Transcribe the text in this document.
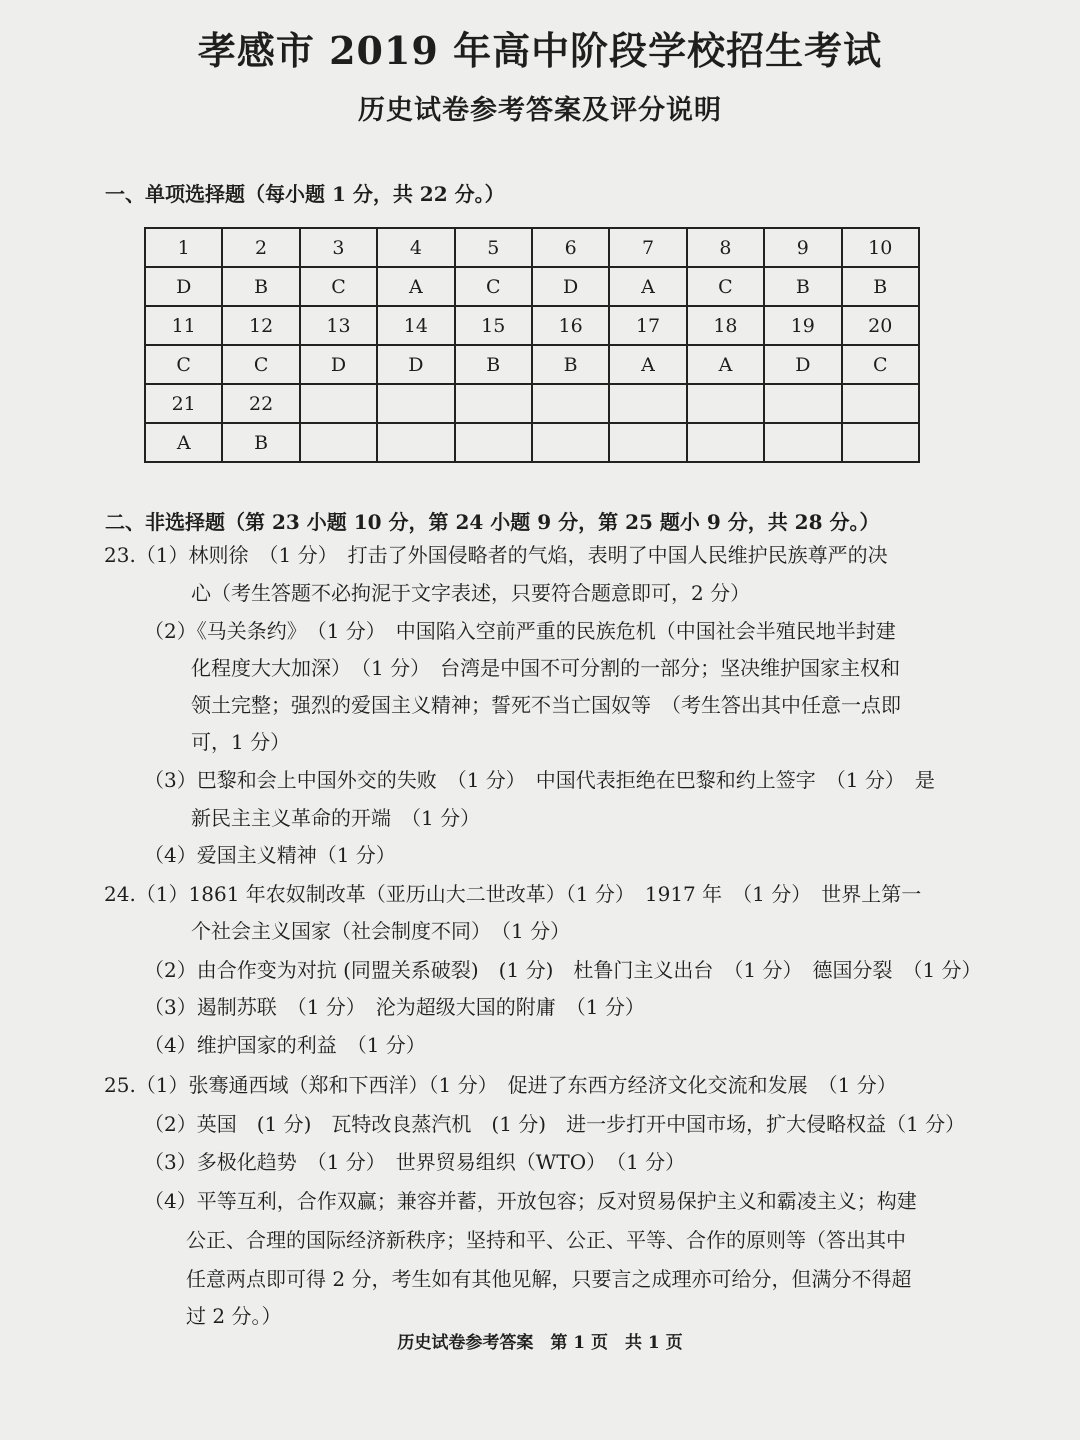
孝感市 2019 年高中阶段学校招生考试
历史试卷参考答案及评分说明
一、单项选择题（每小题 1 分，共 22 分。）
1	2	3	4	5	6	7	8	9	10
D	B	C	A	C	D	A	C	B	B
11	12	13	14	15	16	17	18	19	20
C	C	D	D	B	B	A	A	D	C
21	22								
A	B								
二、非选择题（第 23 小题 10 分，第 24 小题 9 分，第 25 题小 9 分，共 28 分。）
23.（1）林则徐　（1 分）　打击了外国侵略者的气焰，表明了中国人民维护民族尊严的决
心（考生答题不必拘泥于文字表述，只要符合题意即可，2 分）
（2）《马关条约》　（1 分）　中国陷入空前严重的民族危机（中国社会半殖民地半封建
化程度大大加深）　（1 分）　台湾是中国不可分割的一部分；坚决维护国家主权和
领土完整；强烈的爱国主义精神；誓死不当亡国奴等　（考生答出其中任意一点即
可，1 分）
（3）巴黎和会上中国外交的失败　（1 分）　中国代表拒绝在巴黎和约上签字　（1 分）　是
新民主主义革命的开端　（1 分）
（4）爱国主义精神（1 分）
24.（1）1861 年农奴制改革（亚历山大二世改革）（1 分）　1917 年　（1 分）　世界上第一
个社会主义国家（社会制度不同）　（1 分）
（2）由合作变为对抗 (同盟关系破裂)　(1 分)　杜鲁门主义出台　（1 分）　德国分裂　（1 分）
（3）遏制苏联　（1 分）　沦为超级大国的附庸　（1 分）
（4）维护国家的利益　（1 分）
25.（1）张骞通西域（郑和下西洋）（1 分）　促进了东西方经济文化交流和发展　（1 分）
（2）英国　(1 分)　瓦特改良蒸汽机　(1 分)　进一步打开中国市场，扩大侵略权益（1 分）
（3）多极化趋势　（1 分）　世界贸易组织（WTO）　（1 分）
（4）平等互利，合作双赢；兼容并蓄，开放包容；反对贸易保护主义和霸凌主义；构建
公正、合理的国际经济新秩序；坚持和平、公正、平等、合作的原则等（答出其中
任意两点即可得 2 分，考生如有其他见解，只要言之成理亦可给分，但满分不得超
过 2 分。）
历史试卷参考答案　第 1 页　共 1 页
